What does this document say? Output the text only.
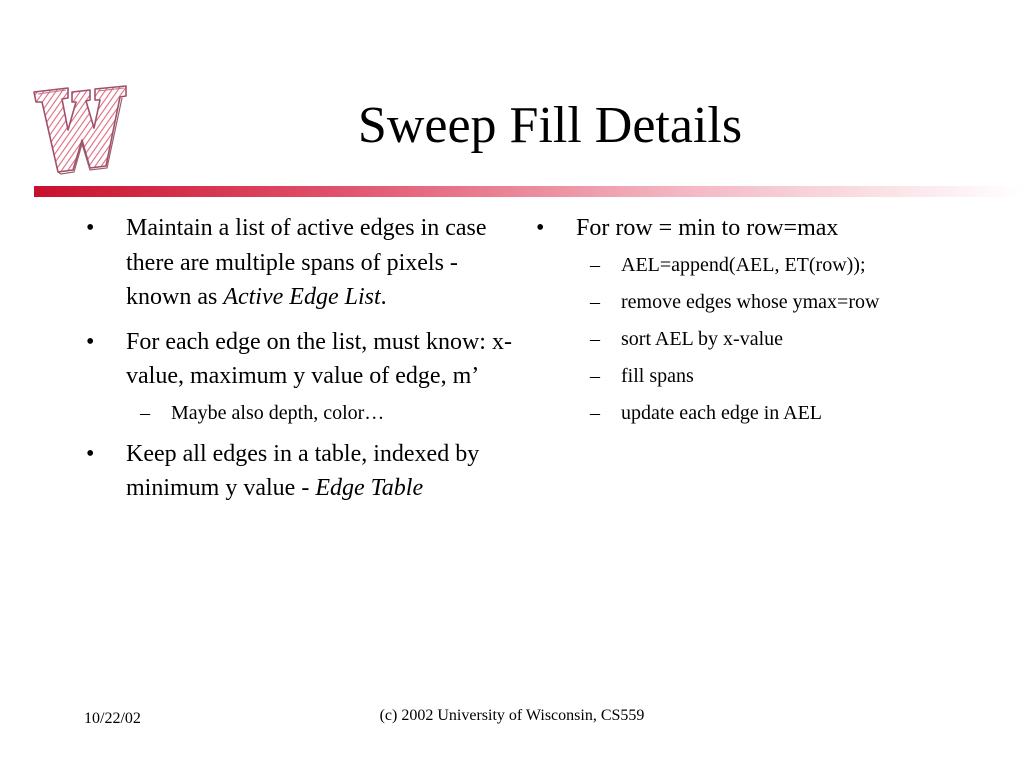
Sweep Fill Details
• Maintain a list of active edges in case there are multiple spans of pixels - known as Active Edge List.
• For each edge on the list, must know: x-value, maximum y value of edge, m’
– Maybe also depth, color…
• Keep all edges in a table, indexed by minimum y value - Edge Table
• For row = min to row=max
– AEL=append(AEL, ET(row));
– remove edges whose ymax=row
– sort AEL by x-value
– fill spans
– update each edge in AEL
10/22/02	(c) 2002 University of Wisconsin, CS559
